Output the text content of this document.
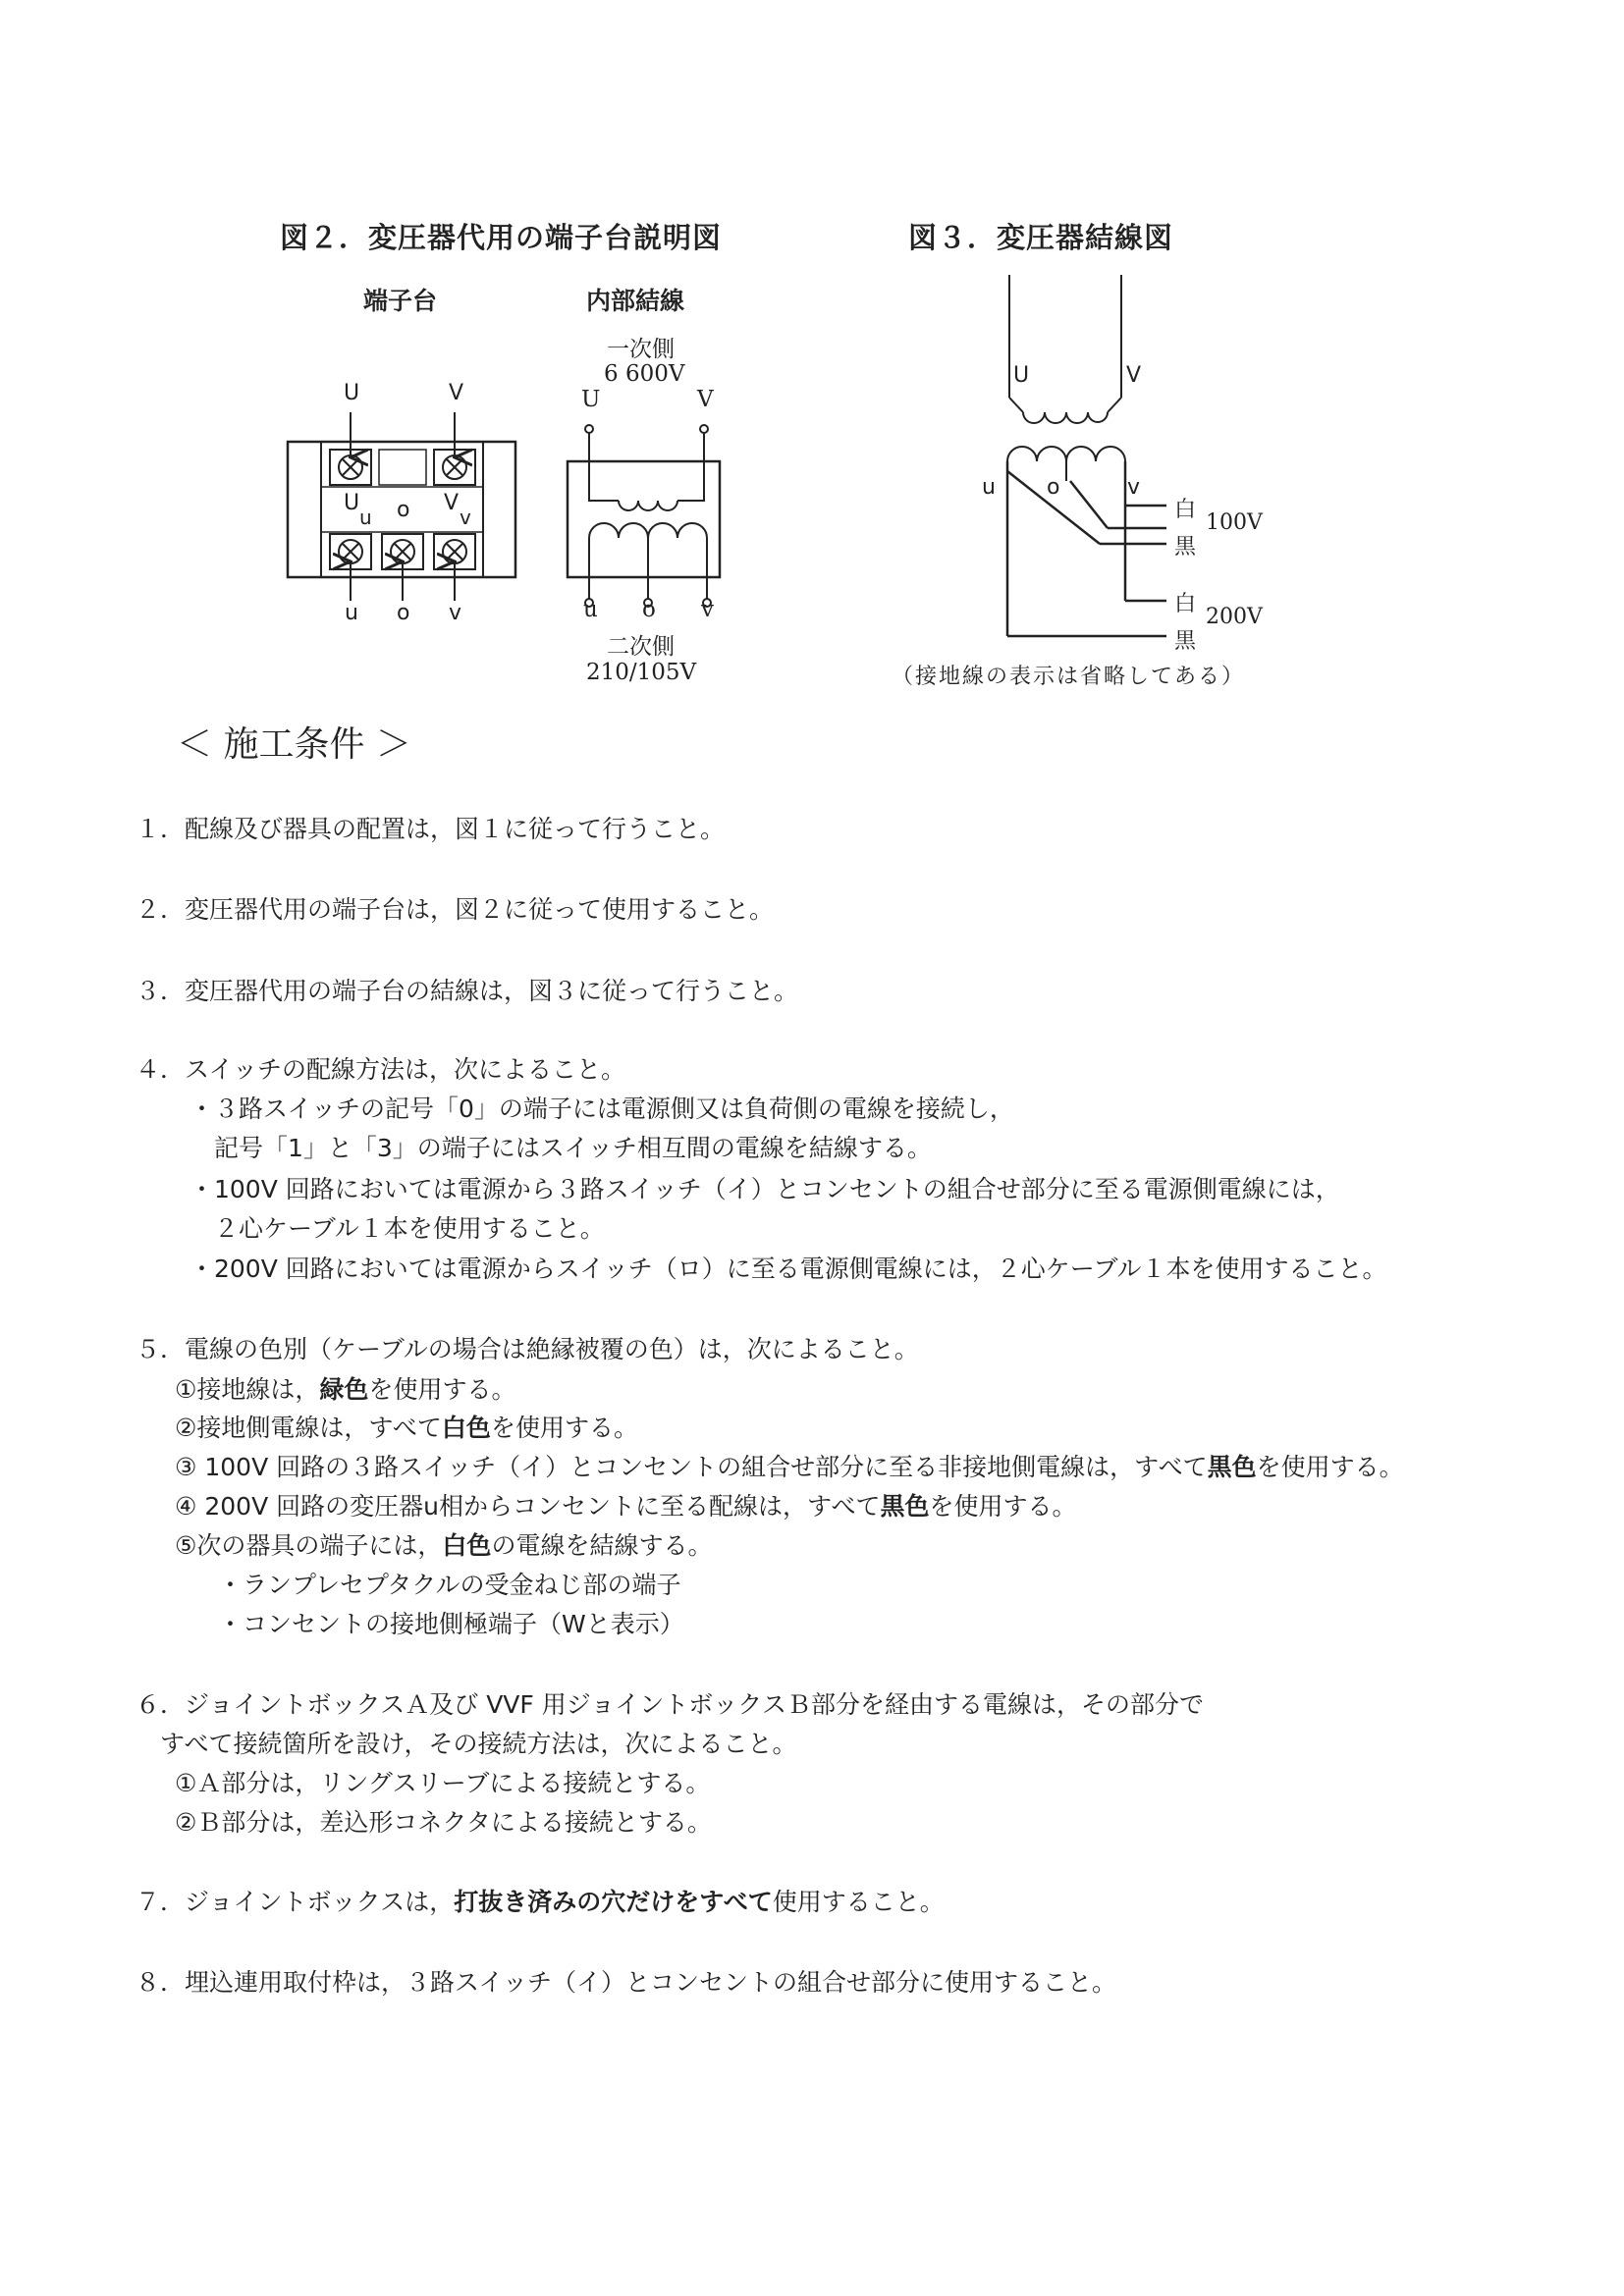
図２．変圧器代用の端子台説明図
端子台	内部結線
一次側
6 600V
二次側
210/105V
U	V
U
u o V
v
u o v
U	V
u o v
図３．変圧器結線図
U	V
u o	v
白
100V
黒
白
200V
黒
（接地線の表示は省略してある）
＜ 施工条件 ＞
１．配線及び器具の配置は，図１に従って行うこと。
２．変圧器代用の端子台は，図２に従って使用すること。
３．変圧器代用の端子台の結線は，図３に従って行うこと。
４．スイッチの配線方法は，次によること。
・３路スイッチの記号「0」の端子には電源側又は負荷側の電線を接続し，
記号「1」と「3」の端子にはスイッチ相互間の電線を結線する。
・100V 回路においては電源から３路スイッチ（イ）とコンセントの組合せ部分に至る電源側電線には，
２心ケーブル１本を使用すること。
・200V 回路においては電源からスイッチ（ロ）に至る電源側電線には，２心ケーブル１本を使用すること。
５．電線の色別（ケーブルの場合は絶縁被覆の色）は，次によること。
①接地線は，緑色を使用する。
②接地側電線は，すべて白色を使用する。
③ 100V 回路の３路スイッチ（イ）とコンセントの組合せ部分に至る非接地側電線は，すべて黒色を使用する。
④ 200V 回路の変圧器u相からコンセントに至る配線は，すべて黒色を使用する。
⑤次の器具の端子には，白色の電線を結線する。
・ランプレセプタクルの受金ねじ部の端子
・コンセントの接地側極端子（Wと表示）
６．ジョイントボックスＡ及び VVF 用ジョイントボックスＢ部分を経由する電線は，その部分で
すべて接続箇所を設け，その接続方法は，次によること。
①Ａ部分は，リングスリーブによる接続とする。
②Ｂ部分は，差込形コネクタによる接続とする。
７．ジョイントボックスは，打抜き済みの穴だけをすべて使用すること。
８．埋込連用取付枠は，３路スイッチ（イ）とコンセントの組合せ部分に使用すること。
